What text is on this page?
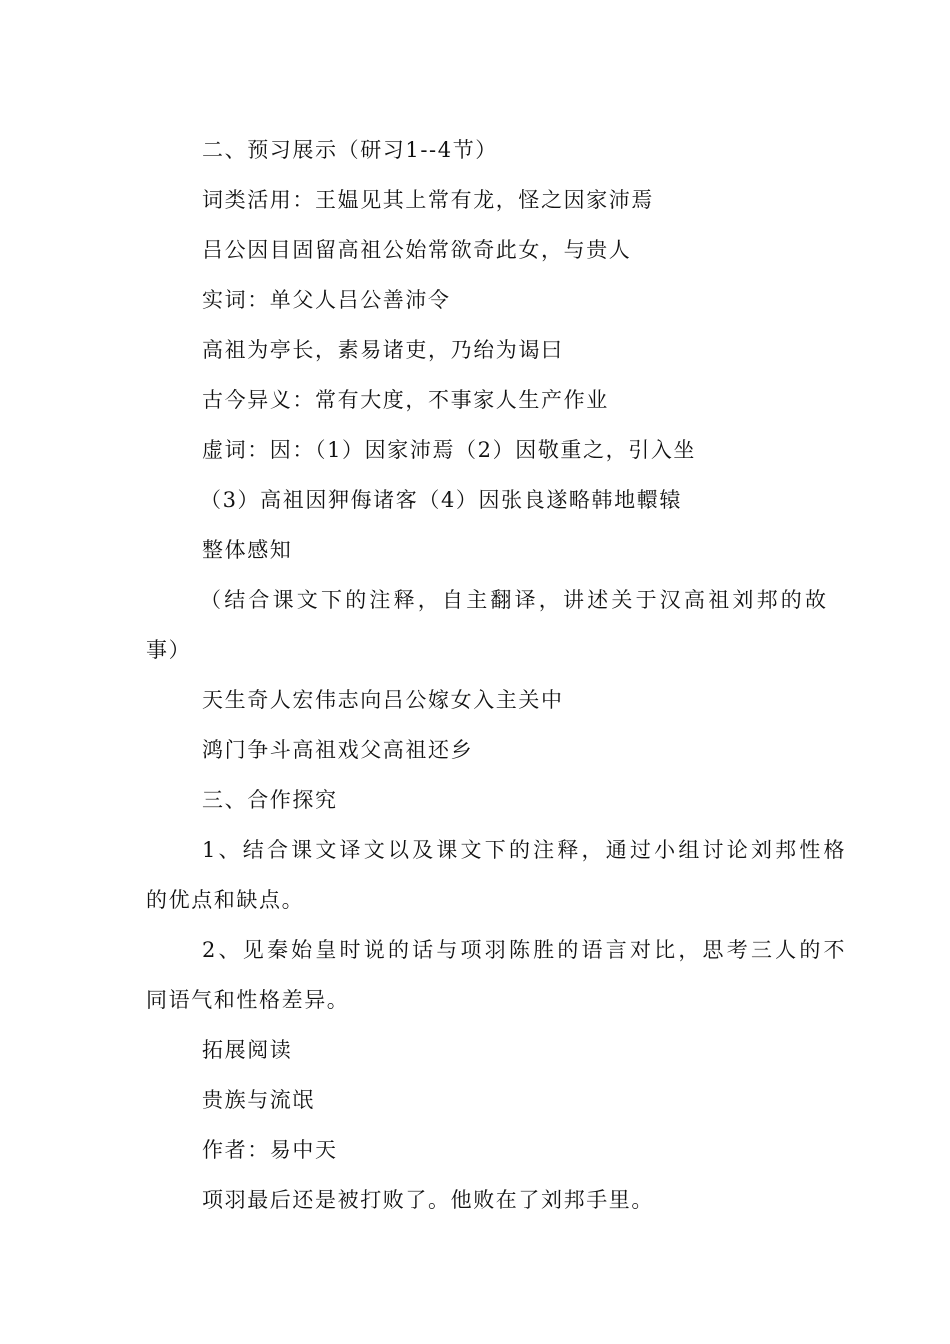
二、预习展示（研习1--4节）
词类活用：王媪见其上常有龙，怪之因家沛焉
吕公因目固留高祖公始常欲奇此女，与贵人
实词：单父人吕公善沛令
高祖为亭长，素易诸吏，乃绐为谒曰
古今异义：常有大度，不事家人生产作业
虚词：因：（1）因家沛焉（2）因敬重之，引入坐
（3）高祖因狎侮诸客（4）因张良遂略韩地轘辕
整体感知
（结合课文下的注释，自主翻译，讲述关于汉高祖刘邦的故
事）
天生奇人宏伟志向吕公嫁女入主关中
鸿门争斗高祖戏父高祖还乡
三、合作探究
1、结合课文译文以及课文下的注释，通过小组讨论刘邦性格
的优点和缺点。
2、见秦始皇时说的话与项羽陈胜的语言对比，思考三人的不
同语气和性格差异。
拓展阅读
贵族与流氓
作者：易中天
项羽最后还是被打败了。他败在了刘邦手里。
